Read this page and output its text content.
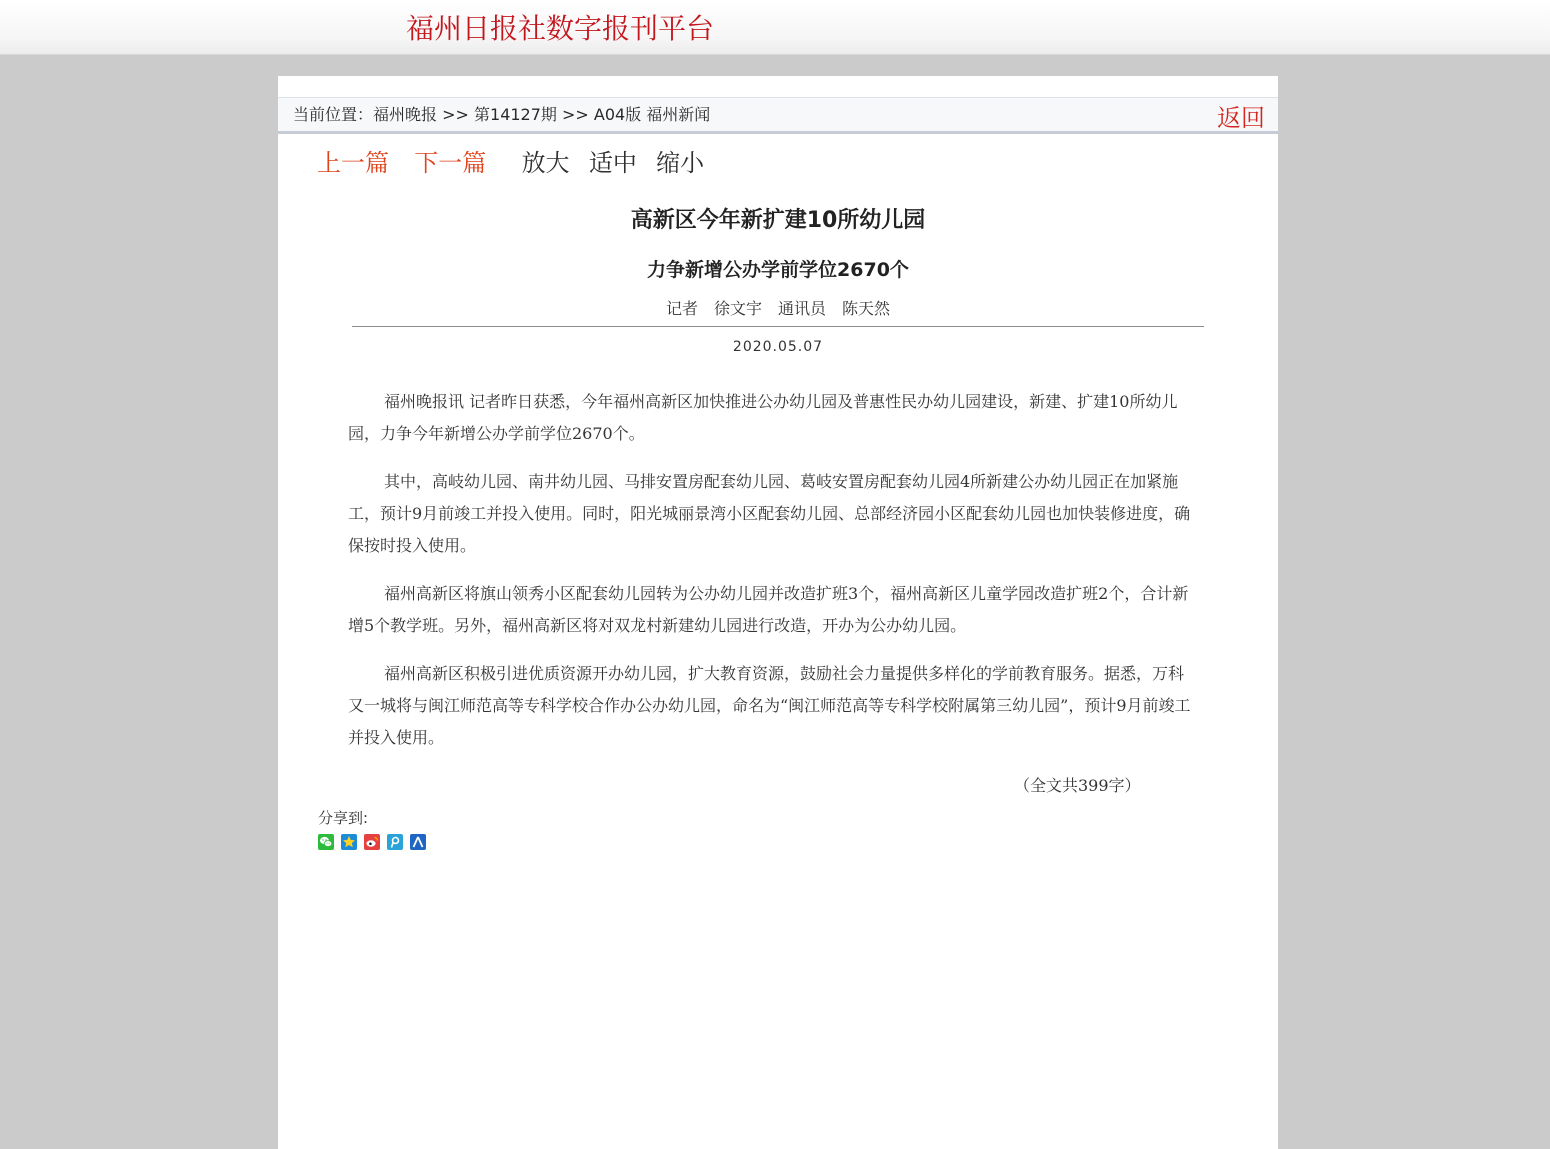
福州日报社数字报刊平台
当前位置：福州晚报 >> 第14127期 >> A04版 福州新闻	返回
上一篇 下一篇 放大 适中 缩小
高新区今年新扩建10所幼儿园
力争新增公办学前学位2670个
记者　徐文宇　通讯员　陈天然
2020.05.07

福州晚报讯 记者昨日获悉，今年福州高新区加快推进公办幼儿园及普惠性民办幼儿园建设，新建、扩建10所幼儿园，力争今年新增公办学前学位2670个。

其中，高岐幼儿园、南井幼儿园、马排安置房配套幼儿园、葛岐安置房配套幼儿园4所新建公办幼儿园正在加紧施工，预计9月前竣工并投入使用。同时，阳光城丽景湾小区配套幼儿园、总部经济园小区配套幼儿园也加快装修进度，确保按时投入使用。

福州高新区将旗山领秀小区配套幼儿园转为公办幼儿园并改造扩班3个，福州高新区儿童学园改造扩班2个，合计新增5个教学班。另外，福州高新区将对双龙村新建幼儿园进行改造，开办为公办幼儿园。

福州高新区积极引进优质资源开办幼儿园，扩大教育资源，鼓励社会力量提供多样化的学前教育服务。据悉，万科又一城将与闽江师范高等专科学校合作办公办幼儿园，命名为“闽江师范高等专科学校附属第三幼儿园”，预计9月前竣工并投入使用。

（全文共399字）
分享到:
